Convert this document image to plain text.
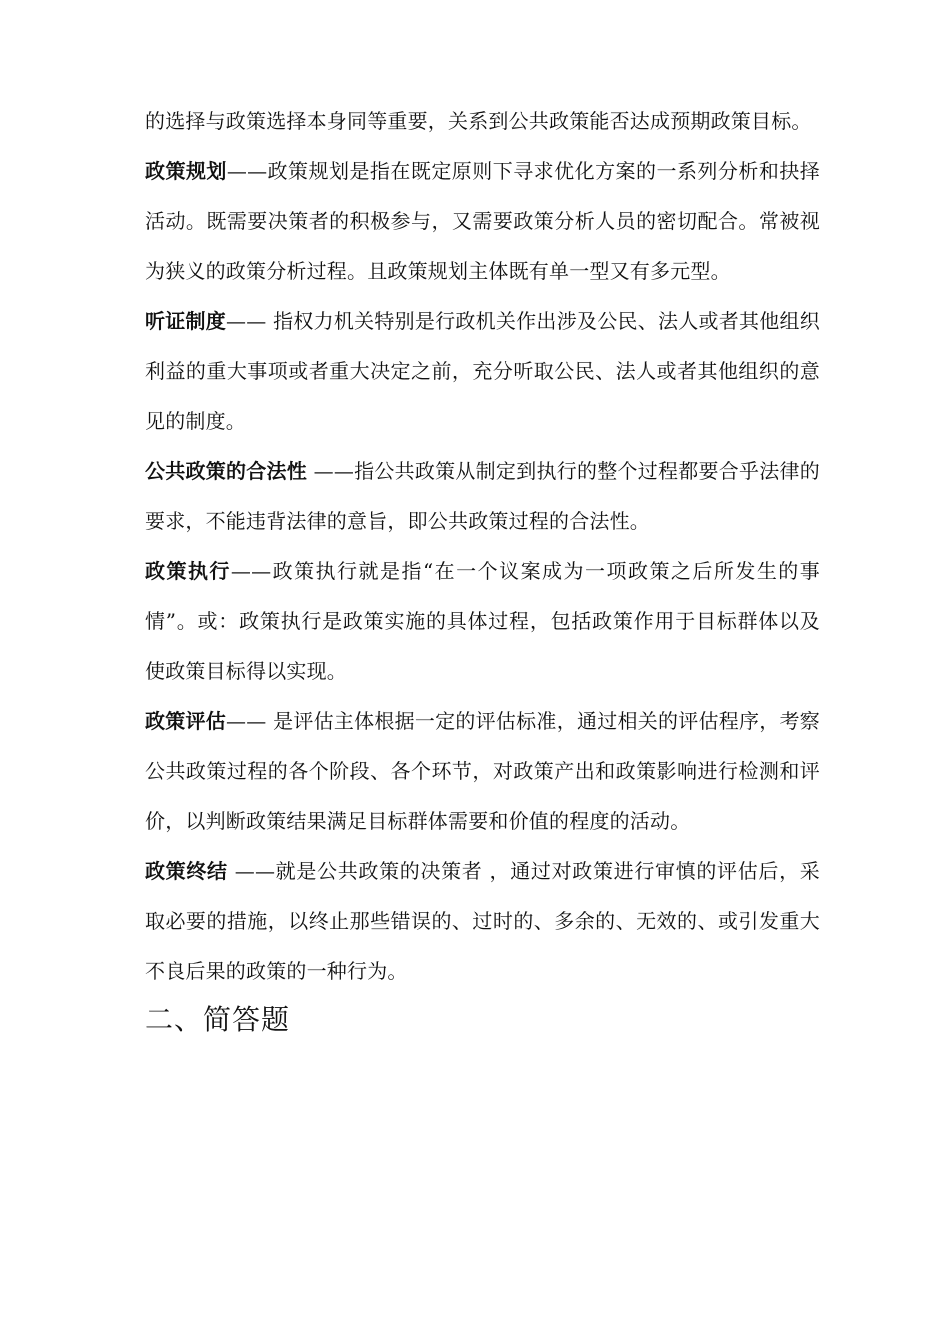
的选择与政策选择本身同等重要，关系到公共政策能否达成预期政策目标。

政策规划——政策规划是指在既定原则下寻求优化方案的一系列分析和抉择活动。既需要决策者的积极参与，又需要政策分析人员的密切配合。常被视为狭义的政策分析过程。且政策规划主体既有单一型又有多元型。

听证制度—— 指权力机关特别是行政机关作出涉及公民、法人或者其他组织利益的重大事项或者重大决定之前，充分听取公民、法人或者其他组织的意见的制度。

公共政策的合法性 ——指公共政策从制定到执行的整个过程都要合乎法律的要求，不能违背法律的意旨，即公共政策过程的合法性。

政策执行——政策执行就是指“在一个议案成为一项政策之后所发生的事情”。或：政策执行是政策实施的具体过程，包括政策作用于目标群体以及使政策目标得以实现。

政策评估—— 是评估主体根据一定的评估标准，通过相关的评估程序，考察公共政策过程的各个阶段、各个环节，对政策产出和政策影响进行检测和评价，以判断政策结果满足目标群体需要和价值的程度的活动。

政策终结 ——就是公共政策的决策者 ，通过对政策进行审慎的评估后，采取必要的措施，以终止那些错误的、过时的、多余的、无效的、或引发重大不良后果的政策的一种行为。

二、简答题
